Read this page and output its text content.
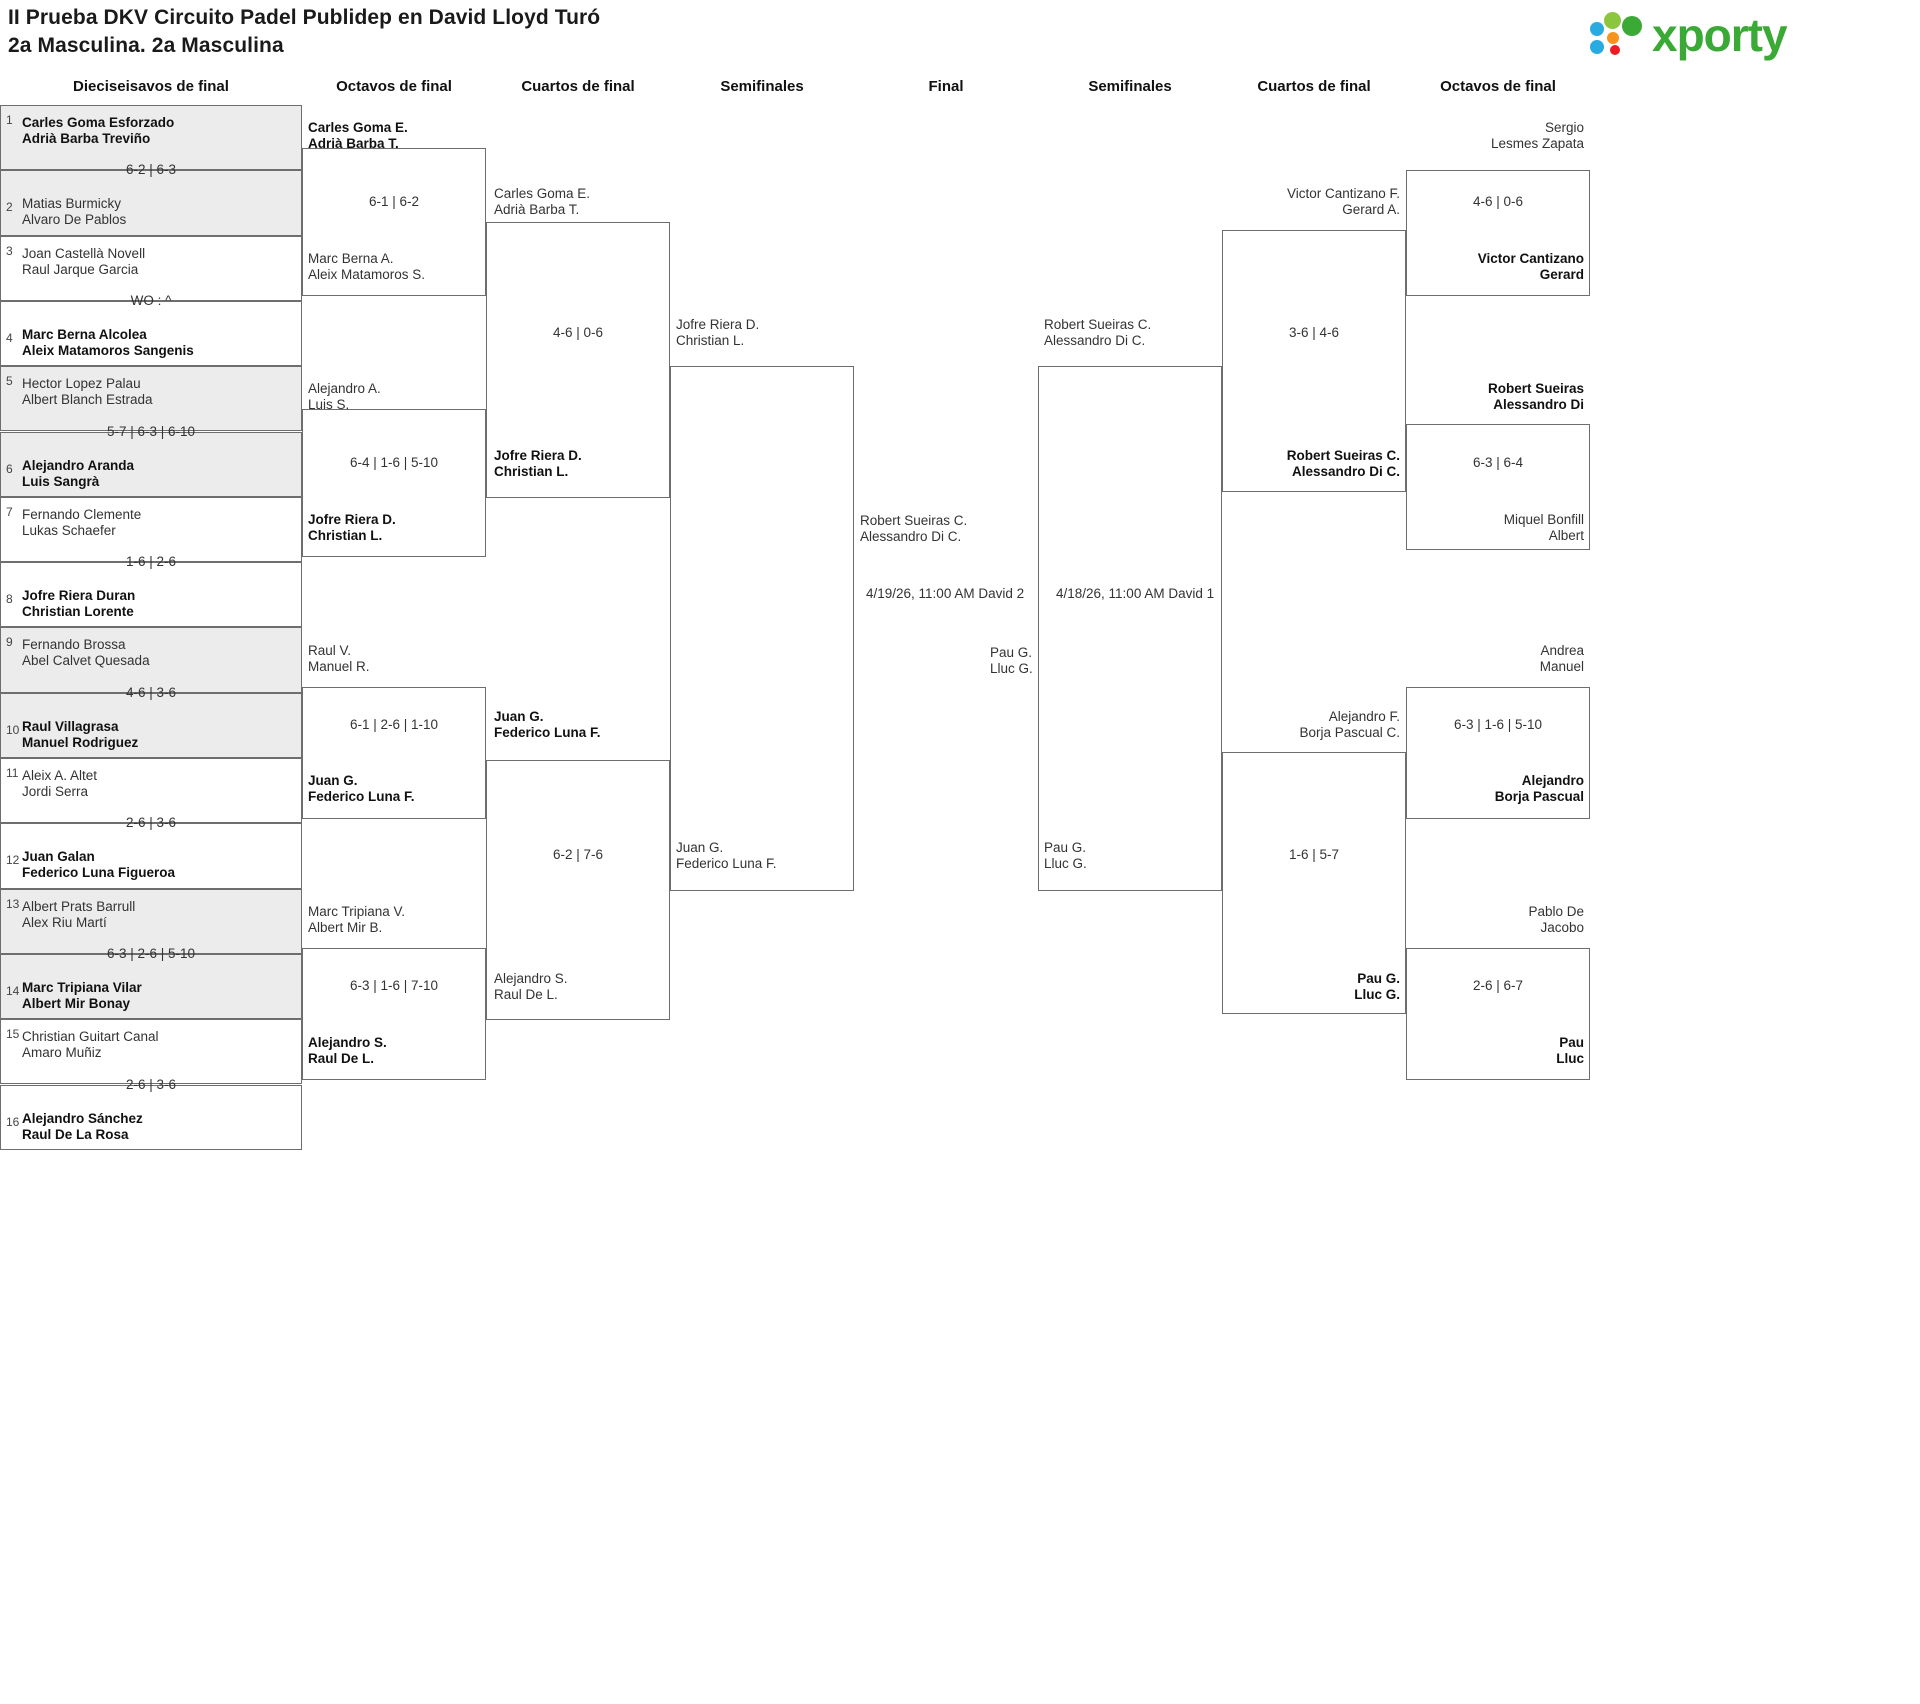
II Prueba DKV Circuito Padel Publidep en David Lloyd Turó
2a Masculina. 2a Masculina	xporty
Dieciseisavos de final	Octavos de final	Cuartos de final	Semifinales	Final	Semifinales	Cuartos de final	Octavos de final
1 Carles Goma Esforzado
Adrià Barba Treviño
2 Matias Burmicky
Alvaro De Pablos
3 Joan Castellà Novell
Raul Jarque Garcia
4 Marc Berna Alcolea
Aleix Matamoros Sangenis
5 Hector Lopez Palau
Albert Blanch Estrada
6 Alejandro Aranda
Luis Sangrà
7 Fernando Clemente
Lukas Schaefer
8 Jofre Riera Duran
Christian Lorente
9 Fernando Brossa
Abel Calvet Quesada
10 Raul Villagrasa
Manuel Rodriguez
11 Aleix A. Altet
Jordi Serra
12 Juan Galan
Federico Luna Figueroa
13 Albert Prats Barrull
Alex Riu Martí
14 Marc Tripiana Vilar
Albert Mir Bonay
15 Christian Guitart Canal
Amaro Muñiz
16 Alejandro Sánchez
Raul De La Rosa
6-2 | 6-3
WO : ^
5-7 | 6-3 | 6-10
1-6 | 2-6
4-6 | 3-6
2-6 | 3-6
6-3 | 2-6 | 5-10
2-6 | 3-6
Carles Goma E.
Adrià Barba T.
Marc Berna A.
Aleix Matamoros S.
Alejandro A.
Luis S.
Jofre Riera D.
Christian L.
Raul V.
Manuel R.
Juan G.
Federico Luna F.
Marc Tripiana V.
Albert Mir B.
Alejandro S.
Raul De L.
6-1 | 6-2
6-4 | 1-6 | 5-10
6-1 | 2-6 | 1-10
6-3 | 1-6 | 7-10
Carles Goma E.
Adrià Barba T.
Jofre Riera D.
Christian L.
Juan G.
Federico Luna F.
Alejandro S.
Raul De L.
4-6 | 0-6
6-2 | 7-6
Jofre Riera D.
Christian L.
Juan G.
Federico Luna F.
Robert Sueiras C.
Alessandro Di C.
4/19/26, 11:00 AM David 2 4/18/26, 11:00 AM David 1
Pau G.
Lluc G.
Robert Sueiras C.
Alessandro Di C.
Pau G.
Lluc G.
Victor Cantizano F.
Gerard A.
Robert Sueiras C.
Alessandro Di C.
Alejandro F.
Borja Pascual C.
Pau G.
Lluc G.
3-6 | 4-6
1-6 | 5-7
Sergio
Lesmes Zapata
Victor Cantizano
Gerard
Robert Sueiras
Alessandro Di
Miquel Bonfill
Albert
Andrea
Manuel
Alejandro
Borja Pascual
Pablo De
Jacobo
Pau
Lluc
4-6 | 0-6
6-3 | 6-4
6-3 | 1-6 | 5-10
2-6 | 6-7
